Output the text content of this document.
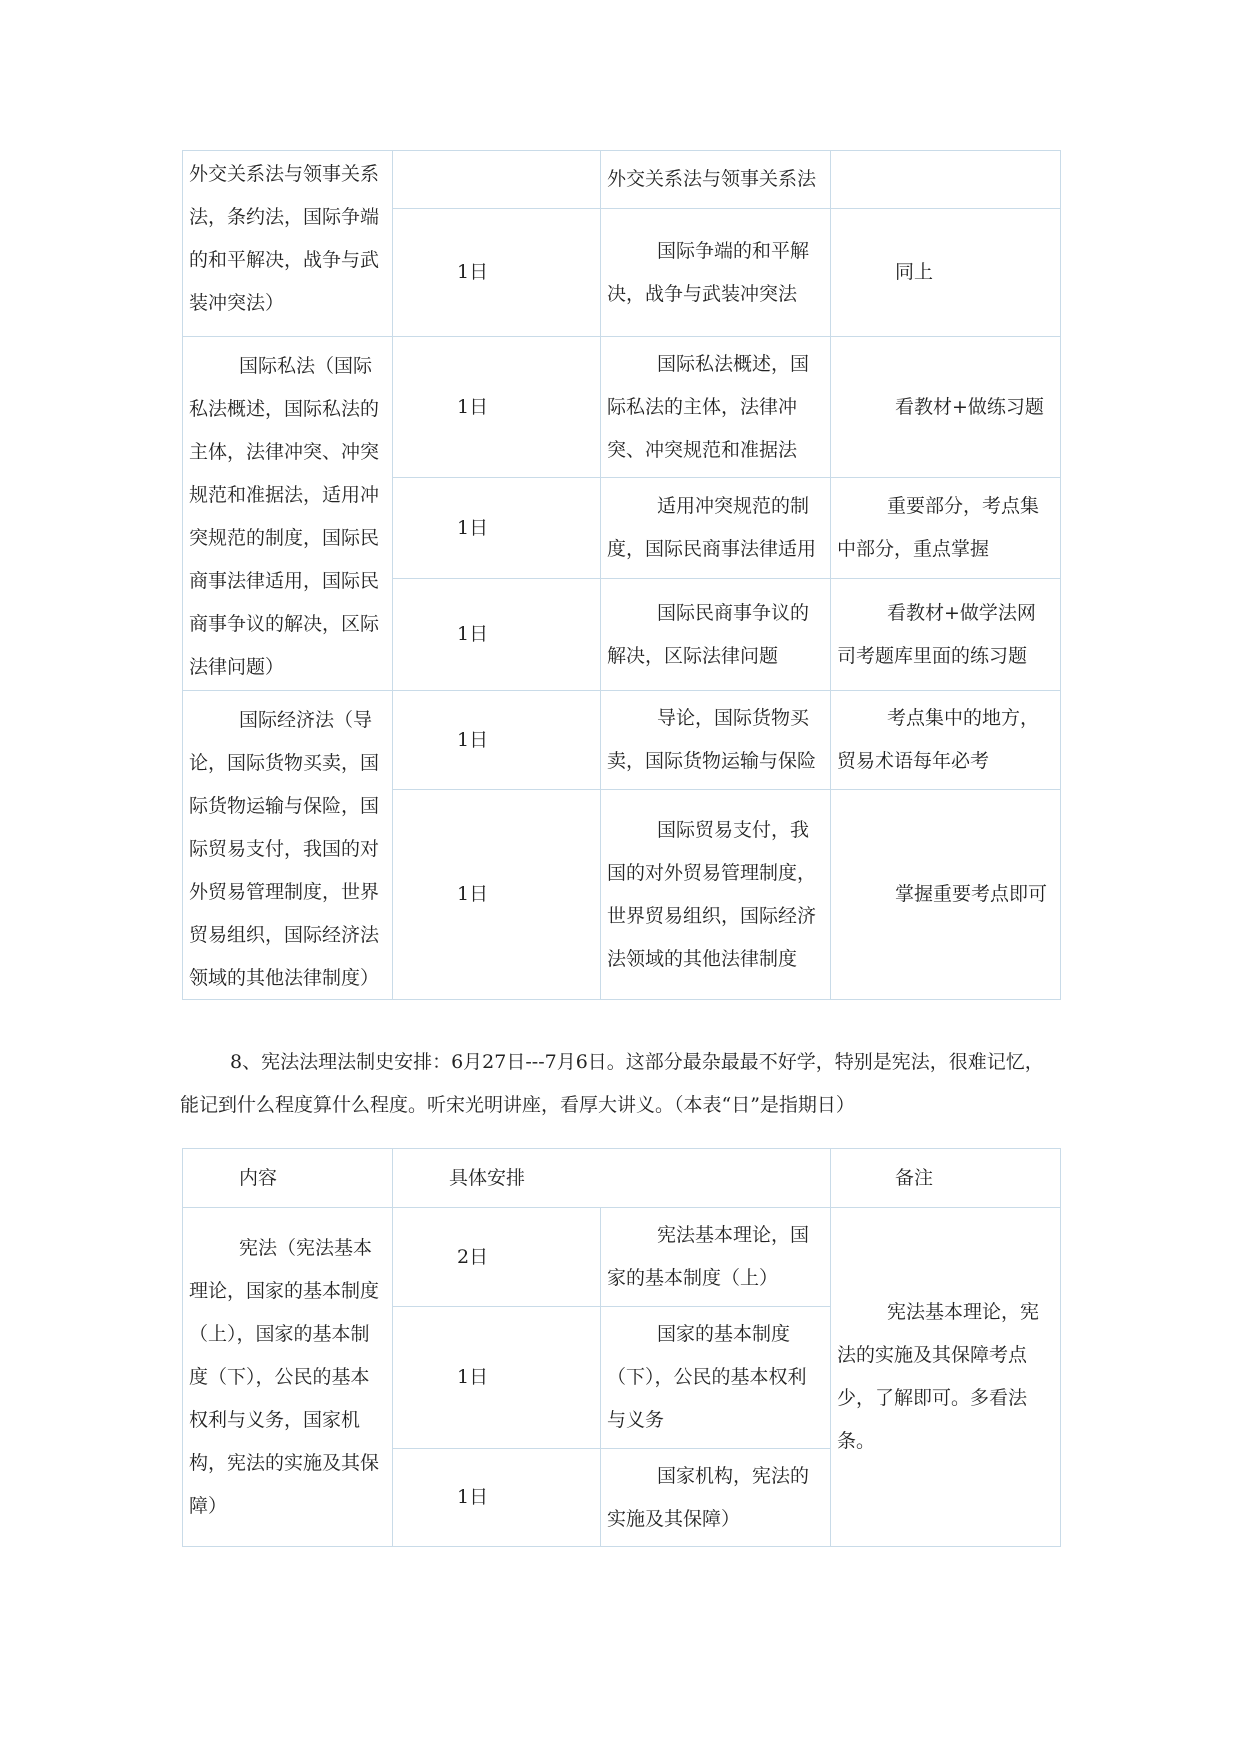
外交关系法与领事关系法，条约法，国际争端的和平解决，战争与武装冲突法）
外交关系法与领事关系法
1日
国际争端的和平解决，战争与武装冲突法
同上
国际私法（国际私法概述，国际私法的主体，法律冲突、冲突规范和准据法，适用冲突规范的制度，国际民商事法律适用，国际民商事争议的解决，区际法律问题）
1日
国际私法概述，国际私法的主体，法律冲突、冲突规范和准据法
看教材+做练习题
1日
适用冲突规范的制度，国际民商事法律适用
重要部分，考点集中部分，重点掌握
1日
国际民商事争议的解决，区际法律问题
看教材+做学法网司考题库里面的练习题
国际经济法（导论，国际货物买卖，国际货物运输与保险，国际贸易支付，我国的对外贸易管理制度，世界贸易组织，国际经济法领域的其他法律制度）
1日
导论，国际货物买卖，国际货物运输与保险
考点集中的地方，贸易术语每年必考
1日
国际贸易支付，我国的对外贸易管理制度，世界贸易组织，国际经济法领域的其他法律制度
掌握重要考点即可
8、宪法法理法制史安排：6月27日---7月6日。这部分最杂最最不好学，特别是宪法，很难记忆，能记到什么程度算什么程度。听宋光明讲座，看厚大讲义。（本表“日”是指期日）
内容	具体安排	备注
宪法（宪法基本理论，国家的基本制度（上），国家的基本制度（下），公民的基本权利与义务，国家机构，宪法的实施及其保障）
2日
宪法基本理论，国家的基本制度（上）
1日
国家的基本制度（下），公民的基本权利与义务
1日
国家机构，宪法的实施及其保障）
宪法基本理论，宪法的实施及其保障考点少，了解即可。多看法条。
